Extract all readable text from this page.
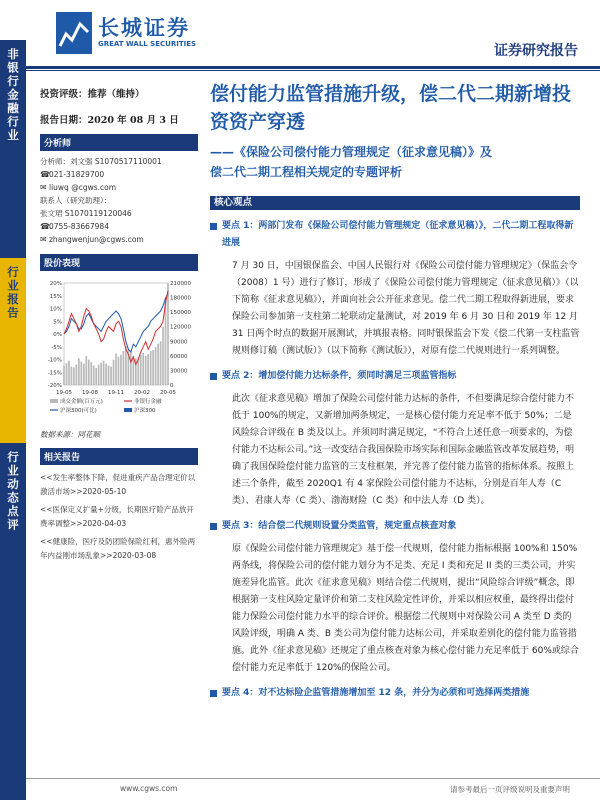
非银行金融行业
行业报告
行业动态点评
长城证券
GREAT WALL SECURITIES	证券研究报告
投资评级：推荐（维持）
报告日期：2020 年 08 月 3 日
分析师
分析师：刘文强 S1070517110001
☎021-31829700
✉ liuwq @cgws.com
联系人（研究助理）：
张文珺 S1070119120046
☎0755-83667984
✉ zhangwenjun@cgws.com
股价表现
20%
15%
10%
5%
0%
-5%
-10%
-15%
-20%
210000
180000
150000
120000
90000
60000
30000
0
19-05 19-08 19-11 20-02 20-05
成交金额(百万元)	非银行金融
沪深300(可比)	沪深300
数据来源：同花顺
相关报告
<<发生率整体下降，促进重疾产品合理定价以激活市场>>2020-05-10
<<医保定义扩量+分级，长期医疗险产品放开费率调整>>2020-04-03
<<健康险，医疗及防团险保险红利，惠外险两年内益刚市场乱象>>2020-03-08
偿付能力监管措施升级，偿二代二期新增投资资产穿透
——《保险公司偿付能力管理规定（征求意见稿）》及
偿二代二期工程相关规定的专题评析
核心观点
要点 1：两部门发布《保险公司偿付能力管理规定（征求意见稿）》，二代二期工程取得新进展
7 月 30 日，中国银保监会、中国人民银行对《保险公司偿付能力管理规定》（保监会令（2008）1 号）进行了修订，形成了《保险公司偿付能力管理规定（征求意见稿）》（以下简称《征求意见稿》），并面向社会公开征求意见。偿二代二期工程取得新进展，要求保险公司参加第一支柱第二轮联动定量测试，对 2019 年 6 月 30 日和 2019 年 12 月 31 日两个时点的数据开展测试，并填报表格。同时银保监会下发《偿二代第一支柱监管规则修订稿（测试版）》（以下简称《测试版》），对原有偿二代规则进行一系列调整。
要点 2：增加偿付能力达标条件，须同时满足三项监管指标
此次《征求意见稿》增加了保险公司偿付能力达标的条件，不但要满足综合偿付能力不低于 100%的规定，又新增加两条规定，一是核心偿付能力充足率不低于 50%；二是风险综合评级在 B 类及以上。并须同时满足规定，“不符合上述任意一项要求的，为偿付能力不达标公司。”这一改变结合我国保险市场实际和国际金融监管改革发展趋势，明确了我国保险偿付能力监管的三支柱框架，并完善了偿付能力监管的指标体系。按照上述三个条件，截至 2020Q1 有 4 家保险公司偿付能力不达标，分别是百年人寿（C 类）、君康人寿（C 类）、渤海财险（C 类）和中法人寿（D 类）。
要点 3：结合偿二代规则设置分类监管，规定重点核查对象
原《保险公司偿付能力管理规定》基于偿一代规则，偿付能力指标根据 100%和 150%两条线，将保险公司的偿付能力划分为不足类、充足 I 类和充足 II 类的三类公司，并实施差异化监管。此次《征求意见稿》则结合偿二代规则，提出“风险综合评级”概念，即根据第一支柱风险定量评价和第二支柱风险定性评价，并采以相应权重，最终得出偿付能力保险公司偿付能力水平的综合评价。根据偿二代规则中对保险公司 A 类至 D 类的风险评级，明确 A 类、B 类公司为偿付能力达标公司，并采取差别化的偿付能力监管措施。此外《征求意见稿》还规定了重点核查对象为核心偿付能力充足率低于 60%或综合偿付能力充足率低于 120%的保险公司。
要点 4：对不达标险企监管措施增加至 12 条，并分为必须和可选择两类措施
www.cgws.com	请参考最后一页评级说明及重要声明
